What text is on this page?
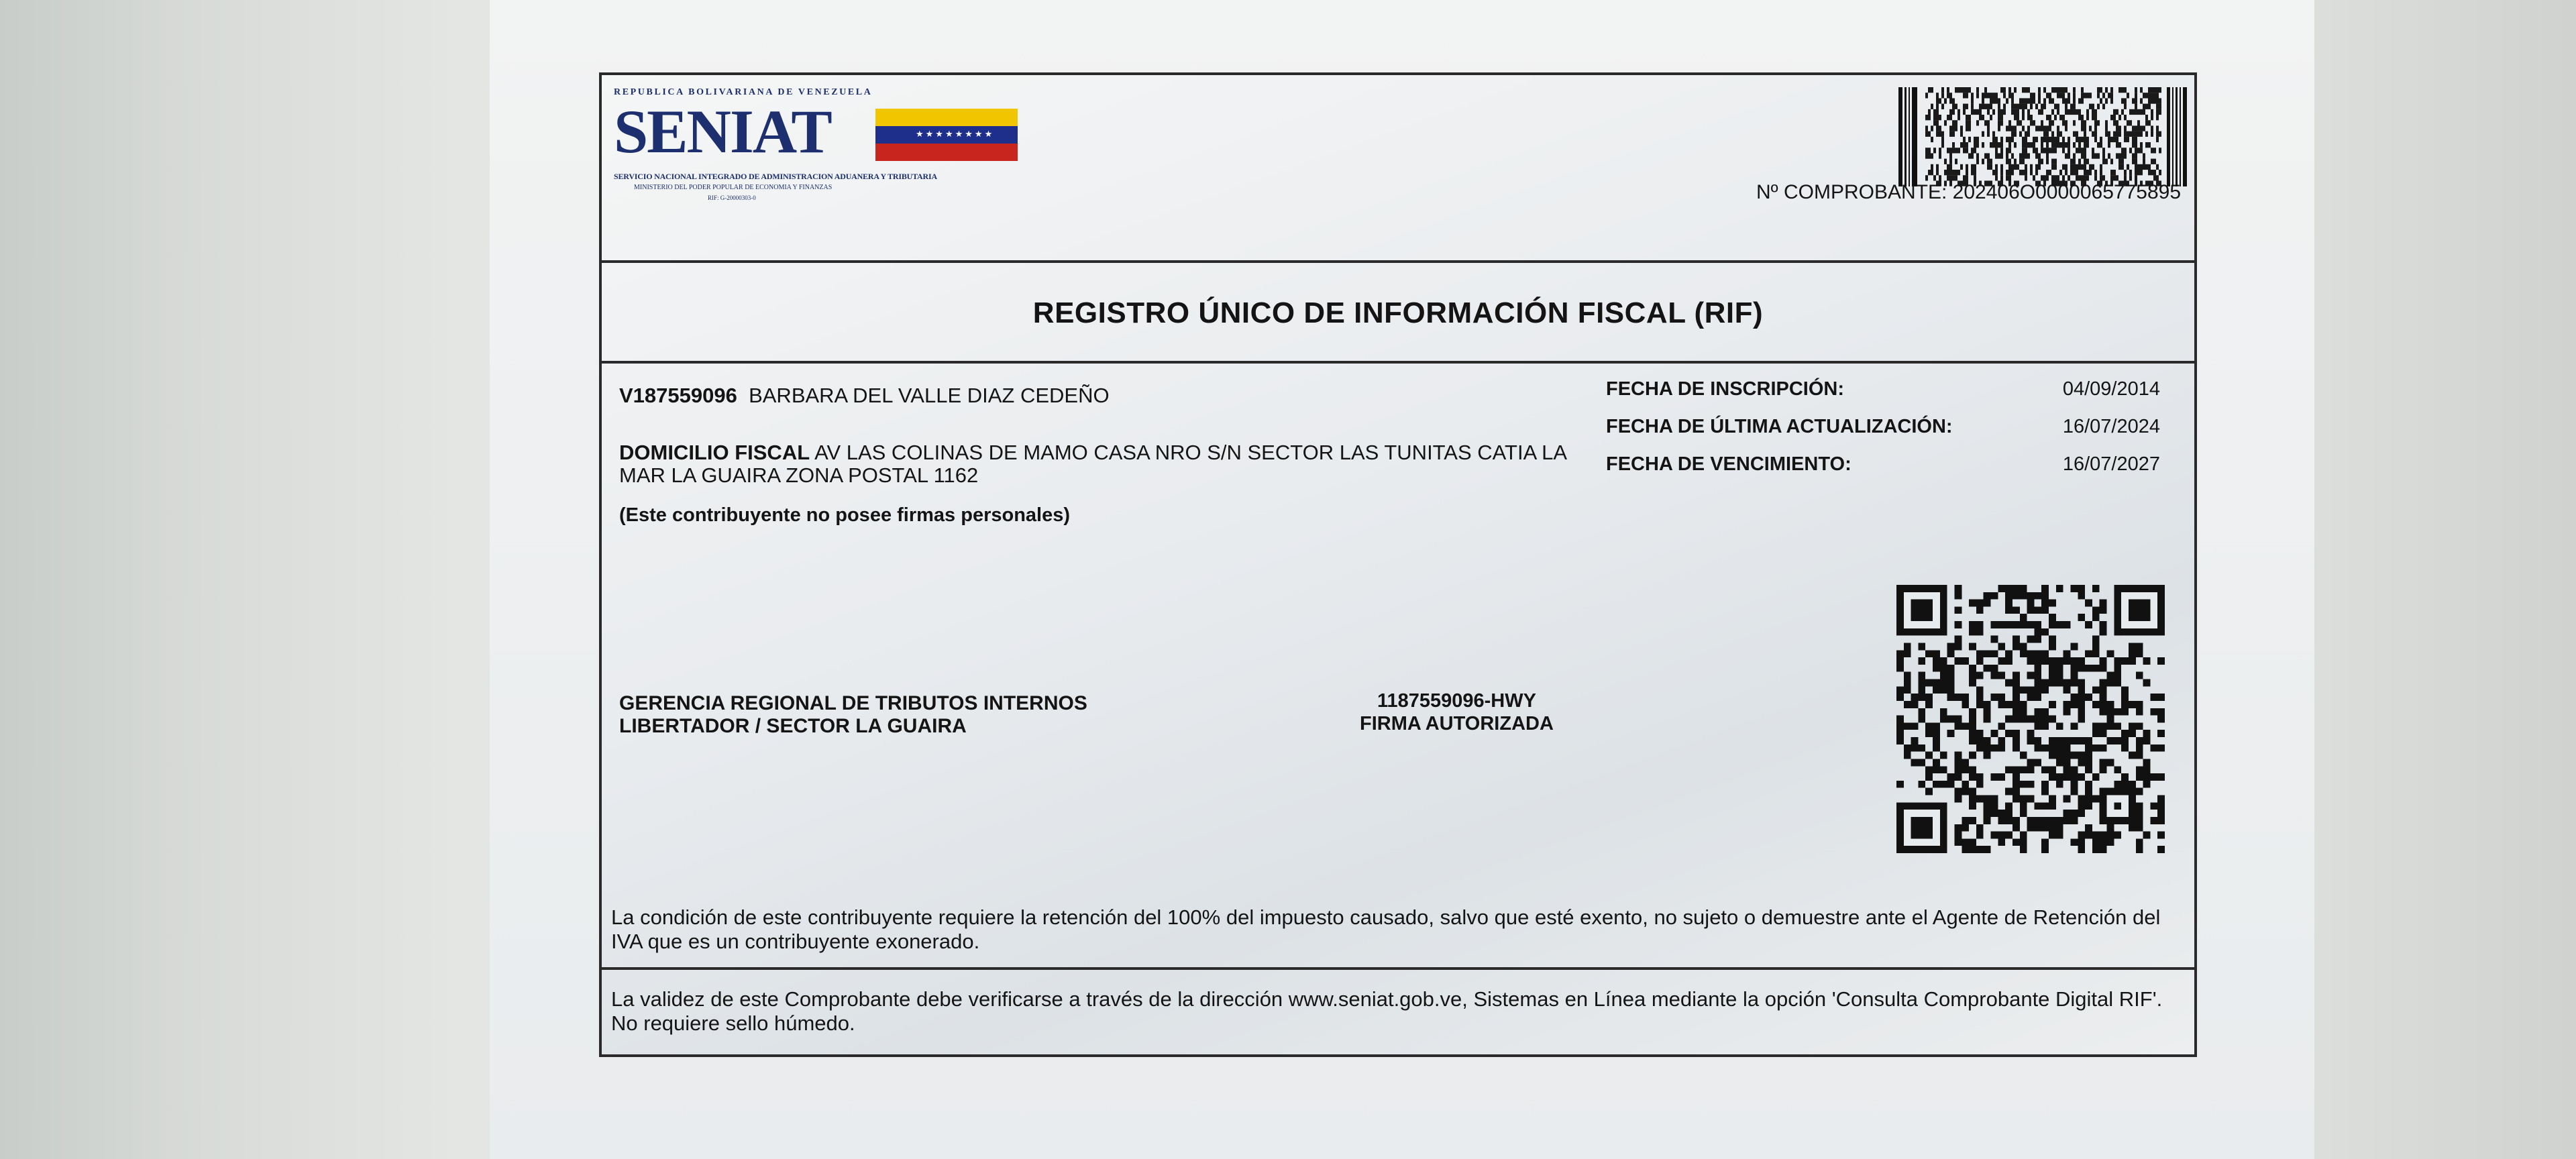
REPUBLICA BOLIVARIANA DE VENEZUELA
SENIAT	★★★★★★★★
SERVICIO NACIONAL INTEGRADO DE ADMINISTRACION ADUANERA Y TRIBUTARIA
MINISTERIO DEL PODER POPULAR DE ECONOMIA Y FINANZAS
RIF: G-20000303-0	Nº COMPROBANTE: 202406O0000065775895
REGISTRO ÚNICO DE INFORMACIÓN FISCAL (RIF)
V187559096 BARBARA DEL VALLE DIAZ CEDEÑO
DOMICILIO FISCAL AV LAS COLINAS DE MAMO CASA NRO S/N SECTOR LAS TUNITAS CATIA LA MAR LA GUAIRA ZONA POSTAL 1162
(Este contribuyente no posee firmas personales)
FECHA DE INSCRIPCIÓN:	04/09/2014
FECHA DE ÚLTIMA ACTUALIZACIÓN:	16/07/2024
FECHA DE VENCIMIENTO:	16/07/2027
GERENCIA REGIONAL DE TRIBUTOS INTERNOS
LIBERTADOR / SECTOR LA GUAIRA
1187559096-HWY
FIRMA AUTORIZADA
La condición de este contribuyente requiere la retención del 100% del impuesto causado, salvo que esté exento, no sujeto o demuestre ante el Agente de Retención del IVA que es un contribuyente exonerado.
La validez de este Comprobante debe verificarse a través de la dirección www.seniat.gob.ve, Sistemas en Línea mediante la opción 'Consulta Comprobante Digital RIF'. No requiere sello húmedo.
